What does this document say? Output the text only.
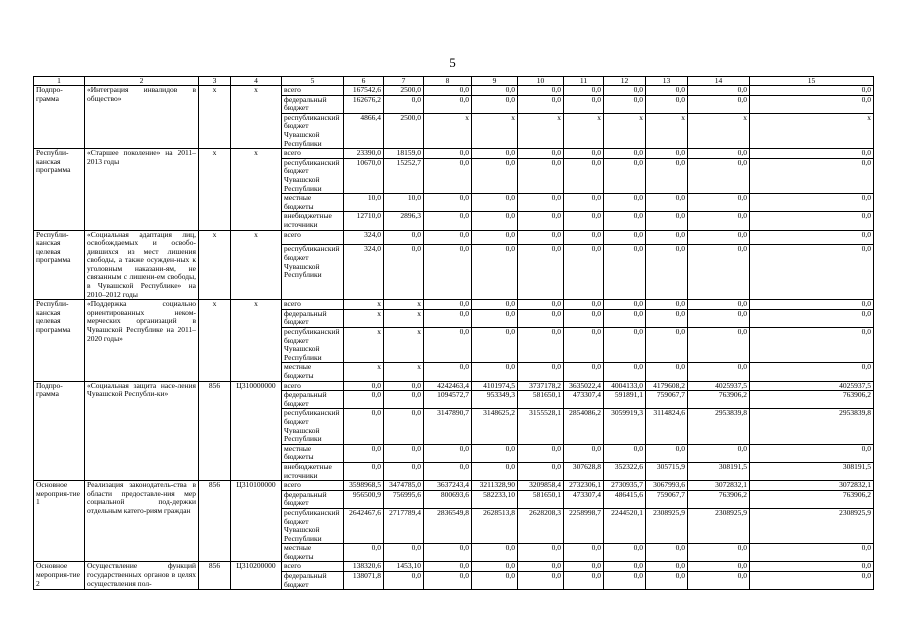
5
1	2	3	4	5	6	7	8	9	10	11	12	13	14	15
Подпро-грамма	«Интеграция инвалидов в общество»	x	x	всего	167542,6	2500,0	0,0	0,0	0,0	0,0	0,0	0,0	0,0	0,0
				федеральный бюджет	162676,2	0,0	0,0	0,0	0,0	0,0	0,0	0,0	0,0	0,0
				республиканский бюджет Чувашской Республики	4866,4	2500,0	x	x	x	x	x	x	x	x
Республи-канская программа	«Старшее поколение» на 2011–2013 годы	x	x	всего	23390,0	18159,0	0,0	0,0	0,0	0,0	0,0	0,0	0,0	0,0
				республиканский бюджет Чувашской Республики	10670,0	15252,7	0,0	0,0	0,0	0,0	0,0	0,0	0,0	0,0
				местные бюджеты	10,0	10,0	0,0	0,0	0,0	0,0	0,0	0,0	0,0	0,0
				внебюджетные источники	12710,0	2896,3	0,0	0,0	0,0	0,0	0,0	0,0	0,0	0,0
Республи-канская целевая программа	«Социальная адаптация лиц, освобождаемых и освобо-дившихся из мест лишения свободы, а также осужден-ных к уголовным наказани-ям, не связанным с лишени-ем свободы, в Чувашской Республике» на 2010–2012 годы	x	x	всего	324,0	0,0	0,0	0,0	0,0	0,0	0,0	0,0	0,0	0,0
				республиканский бюджет Чувашской Республики	324,0	0,0	0,0	0,0	0,0	0,0	0,0	0,0	0,0	0,0
Республи-канская целевая программа	«Поддержка социально ориентированных неком-мерческих организаций в Чувашской Республике на 2011–2020 годы»	x	x	всего	x	x	0,0	0,0	0,0	0,0	0,0	0,0	0,0	0,0
				федеральный бюджет	x	x	0,0	0,0	0,0	0,0	0,0	0,0	0,0	0,0
				республиканский бюджет Чувашской Республики	x	x	0,0	0,0	0,0	0,0	0,0	0,0	0,0	0,0
				местные бюджеты	x	x	0,0	0,0	0,0	0,0	0,0	0,0	0,0	0,0
Подпро-грамма	«Социальная защита насе-ления Чувашской Республи-ки»	856	Ц310000000	всего	0,0	0,0	4242463,4	4101974,5	3737178,2	3635022,4	4004133,0	4179608,2	4025937,5	4025937,5
				федеральный бюджет	0,0	0,0	1094572,7	953349,3	581650,1	473307,4	591891,1	759067,7	763906,2	763906,2
				республиканский бюджет Чувашской Республики	0,0	0,0	3147890,7	3148625,2	3155528,1	2854086,2	3059919,3	3114824,6	2953839,8	2953839,8
				местные бюджеты	0,0	0,0	0,0	0,0	0,0	0,0	0,0	0,0	0,0	0,0
				внебюджетные источники	0,0	0,0	0,0	0,0	0,0	307628,8	352322,6	305715,9	308191,5	308191,5
Основное мероприя-тие 1	Реализация законодатель-ства в области предоставле-ния мер социальной под-держки отдельным катего-риям граждан	856	Ц310100000	всего	3598968,5	3474785,0	3637243,4	3211328,90	3209858,4	2732306,1	2730935,7	3067993,6	3072832,1	3072832,1
				федеральный бюджет	956500,9	756995,6	800693,6	582233,10	581650,1	473307,4	486415,6	759067,7	763906,2	763906,2
				республиканский бюджет Чувашской Республики	2642467,6	2717789,4	2836549,8	2628513,8	2628208,3	2258998,7	2244520,1	2308925,9	2308925,9	2308925,9
				местные бюджеты	0,0	0,0	0,0	0,0	0,0	0,0	0,0	0,0	0,0	0,0
Основное мероприя-тие 2	Осуществление функций государственных органов в целях осуществления пол-	856	Ц310200000	всего	138320,6	1453,10	0,0	0,0	0,0	0,0	0,0	0,0	0,0	0,0
				федеральный бюджет	138071,8	0,0	0,0	0,0	0,0	0,0	0,0	0,0	0,0	0,0
